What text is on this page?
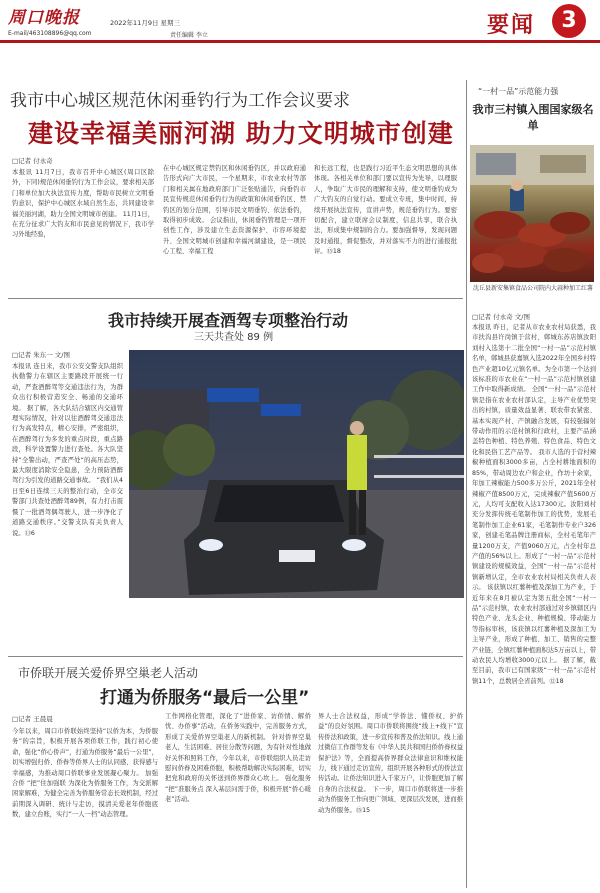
周口晚报	2022年11月9日 星期三
E-mail/463108896@qq.com	责任编辑 李立	要闻	3
我市中心城区规范休闲垂钓行为工作会议要求
建设幸福美丽河湖 助力文明城市创建
□记者 付永奇
本报讯 11月7日，我市召开中心城区(周口区除外，下同)规范休闲垂钓行为工作会议，要求相关部门和单位加大执法宣传力度，帮助市民树立文明垂钓意识，保护中心城区水域自然生态，共同建设幸福美丽河湖，助力全国文明城市创建。 11月1日，在充分征求广大钓友和市民意见的情况下，我市学习外地经验，
在中心城区规定禁钓区和休闲垂钓区，并以政府通告形式向广大市民，一个星期来，市农业农村等部门和相关属在地政府部门广泛张贴通告，向垂钓市民宣传规范休闲垂钓行为的政策和休闲垂钓区、禁钓区的划分范围，引导市民文明垂钓、依法垂钓，取得初步成效。 会议指出，休闲垂钓管理是一项开创性工作，涉及建立生态资源保护、市容环境提升、全国文明城市创建和幸福河湖建设，是一项民心工程、幸福工程
和长远工程，也是践行习近平生态文明思想的具体体现。各相关单位和部门要以宣传为先导，以理服人，争取广大市民的理解和支持，使文明垂钓成为广大钓友的自觉行动。要成立专班，集中时间，持续开展执法宣传，宣讲声势，规范垂钓行为。要密切配合，建立联席会议制度，信息共享，联合执法，形成集中规制的合力。要加强督导，发现问题及时通报，督促整改，并对落实不力的进行通报批评。⑮18
“一村一品”示范能力强
我市三村镇入围国家级名单
沈丘县新安集镇食品公司院内大蒜种加工红薯
□记者 付永奇 文/图
本报讯 昨日，记者从市农业农村局获悉，我市扶沟县许岗镇于营村、郸城东苏店镇汝阳刘村入选第十二批全国“一村一品”示范村镇名单，郸城县获嘉镇入选2022年全国乡村特色产业超10亿元镇名单。为全市第一个达到该标准的市农业在“一村一品”示范村镇创建工作中取得新成绩。 全国“一村一品”示范村镇是指在农业农村部认定，主导产业优势突出的村镇，质量效益显著、联农带农紧密、基本实现产村、产镇融合发展，有较强辐射带动作用的示范村镇和行政村，主要产品涵盖特色种植、特色养殖、特色食品、特色文化和民俗工艺产品等。 我市人选的于营村辣椒种植面积3000多亩，占全村耕地面积的85%，带动周边农户和企业，作坊十余家，年加工辣椒能力500多万公斤，2021年全村辣椒产值8500万元，完成辣椒产值5600万元，人均可支配收入达17300元。汝阳刘村充分发挥传统毛笔制作加工的优势，发展毛笔制作加工企业61家，毛笔制作专业户326家，创建毛笔品牌注册商标，全村毛笔年产量1200万支，产值9060万元，占全村年总产值的56%以上。形成了“一村一品”示范村镇建设的规模效益，全国“一村一品”示范村镇新增认定，全市农业农村局相关负责人表示。 该获镇以红薯种植及深加工为产业，于近年来在8月被认定为第五批全国“一村一品”示范村镇，农业农村部通过对乡镇辖区内特色产业、龙头企业、种植规模、带动能力等指标审核，该获镇以红薯种植及深加工为主导产业，形成了种植、加工、销售的完整产业链，全镇红薯种植面积达5万亩以上，带动农民人均增收3000元以上。 据了解，截至目前，我市已有国家级“一村一品”示范村镇11个，总数居全省前列。⑫18
我市持续开展查酒驾专项整治行动
三天共查处 89 例
□记者 朱东一 文/图
本报讯 连日来，我市公安交警支队组织执勤警力在辖区主要路段开展统一行动，严查酒醉驾等交通违法行为，为群众出行积极营造安全、畅通的交通环境。 据了解，各大队结合辖区内交通管理实际情况，针对以往酒醉驾交通违法行为高发特点，精心安排，严密组织，在酒醉驾行为多发的重点时段，重点路段，科学设置警力进行查处。各大队坚持“全警出动，严查严处“的高压态势，最大限度消除安全隐患，全力预防酒醉驾行为引发的道路交通事故。 “我们从4日至6日连续三天的整治行动，全市交警部门共查处酒醉驾89例，有力打击震慑了一批酒驾偶驾驶人，进一步净化了道路交通秩序。”交警支队有关负责人说。⑬6
市侨联开展关爱侨界空巢老人活动
打通为侨服务“最后一公里”
□记者 王晨晨
今年以来，周口市侨联始终坚持“以侨为本，为侨服务”的宗旨，积极开展各项侨联工作，践行初心使命，强化“侨心侨声”，打通为侨服务“最后一公里”，切实增强归侨、侨眷等侨界人士的认同感、获得感与幸福感，为推动周口侨联事业发展凝心聚力。 加强合侨 “把”住加强联 为深化为侨服务工作，为交派解困家解难，为健全完善为侨服务常态长效机制，经过前期深入调研、统计与走访，摸清关爱老年侨胞底数，建立台账，实行“一人一档”动态管理。
工作网格化管理，深化了“进侨家、访侨情、解侨忧、办侨事”活动，在侨务实践中，完善服务方式，形成了关爱侨界空巢老人的新机制。 针对侨界空巢老人，生活困难、居住分散等问题，为有针对性地做好关怀和照料工作，今年以来，市侨联组织人员走访慰问侨眷及困难侨胞，积极帮助解决实际困难，切实把党和政府的关怀送到侨界群众心坎上。 强化服务 “把”准服务点 深入基层问需于侨，积极开展“侨心暖老”活动。
界人士合法权益，形成“学侨法、懂侨权、护侨益”的良好氛围。周口市侨联将围绕“线上+线下”宣传侨法和政策，进一步宣传和普及侨法知识。线上通过微信工作群等发布《中华人民共和国归侨侨眷权益保护法》等，全面提高侨界群众法律意识和维权能力，线下通过走访宣传，组织开展各种形式的侨法宣传活动。让侨法知识进入千家万户，让侨胞更加了解自身的合法权益。 下一步，周口市侨联将进一步推动为侨服务工作向更广领域、更深层次发展，进而推动为侨服务。⑮15
